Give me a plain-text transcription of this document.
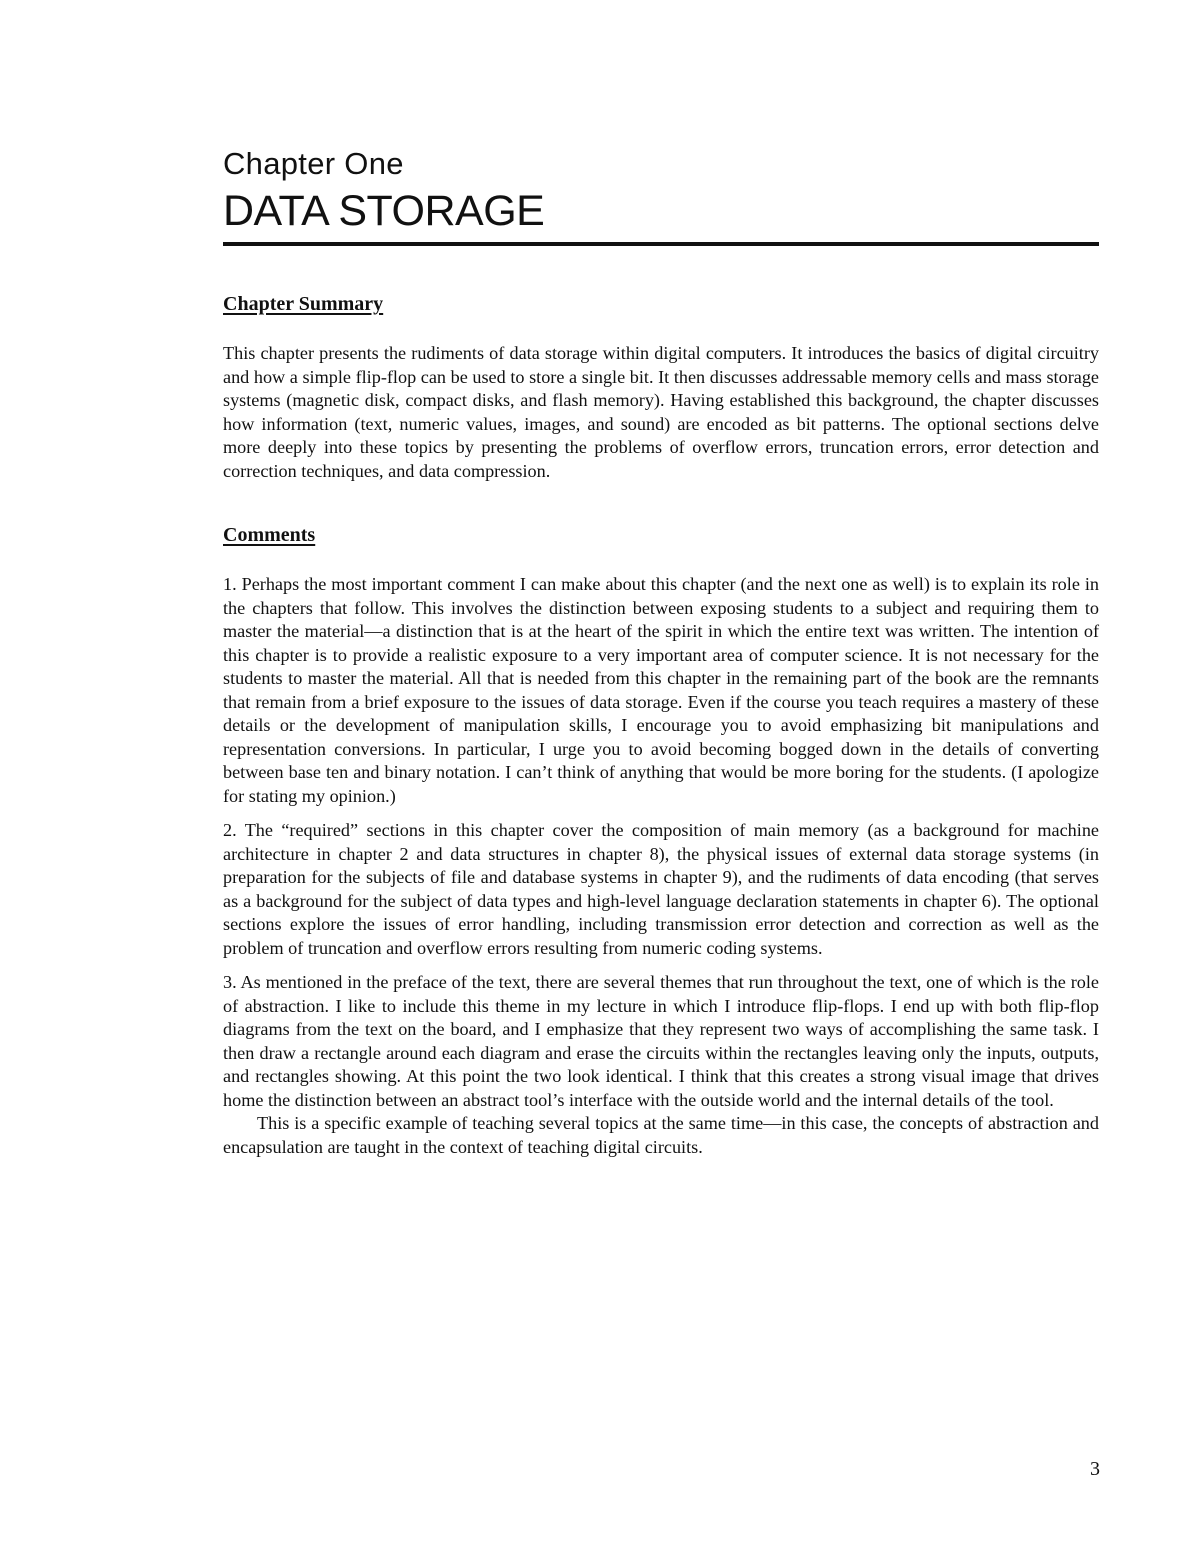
Chapter One
DATA STORAGE
Chapter Summary

This chapter presents the rudiments of data storage within digital computers. It introduces the basics of digital circuitry and how a simple flip-flop can be used to store a single bit. It then discusses addressable memory cells and mass storage systems (magnetic disk, compact disks, and flash memory). Having established this background, the chapter discusses how information (text, numeric values, images, and sound) are encoded as bit patterns. The optional sections delve more deeply into these topics by presenting the problems of overflow errors, truncation errors, error detection and correction techniques, and data compression.

Comments

1. Perhaps the most important comment I can make about this chapter (and the next one as well) is to explain its role in the chapters that follow. This involves the distinction between exposing students to a subject and requiring them to master the material—a distinction that is at the heart of the spirit in which the entire text was written. The intention of this chapter is to provide a realistic exposure to a very important area of computer science. It is not necessary for the students to master the material. All that is needed from this chapter in the remaining part of the book are the remnants that remain from a brief exposure to the issues of data storage. Even if the course you teach requires a mastery of these details or the development of manipulation skills, I encourage you to avoid emphasizing bit manipulations and representation conversions. In particular, I urge you to avoid becoming bogged down in the details of converting between base ten and binary notation. I can’t think of anything that would be more boring for the students. (I apologize for stating my opinion.)

2. The “required” sections in this chapter cover the composition of main memory (as a background for machine architecture in chapter 2 and data structures in chapter 8), the physical issues of external data storage systems (in preparation for the subjects of file and database systems in chapter 9), and the rudiments of data encoding (that serves as a background for the subject of data types and high-level language declaration statements in chapter 6). The optional sections explore the issues of error handling, including transmission error detection and correction as well as the problem of truncation and overflow errors resulting from numeric coding systems.

3. As mentioned in the preface of the text, there are several themes that run throughout the text, one of which is the role of abstraction. I like to include this theme in my lecture in which I introduce flip-flops. I end up with both flip-flop diagrams from the text on the board, and I emphasize that they represent two ways of accomplishing the same task. I then draw a rectangle around each diagram and erase the circuits within the rectangles leaving only the inputs, outputs, and rectangles showing. At this point the two look identical. I think that this creates a strong visual image that drives home the distinction between an abstract tool’s interface with the outside world and the internal details of the tool.

This is a specific example of teaching several topics at the same time—in this case, the concepts of abstraction and encapsulation are taught in the context of teaching digital circuits.

3
